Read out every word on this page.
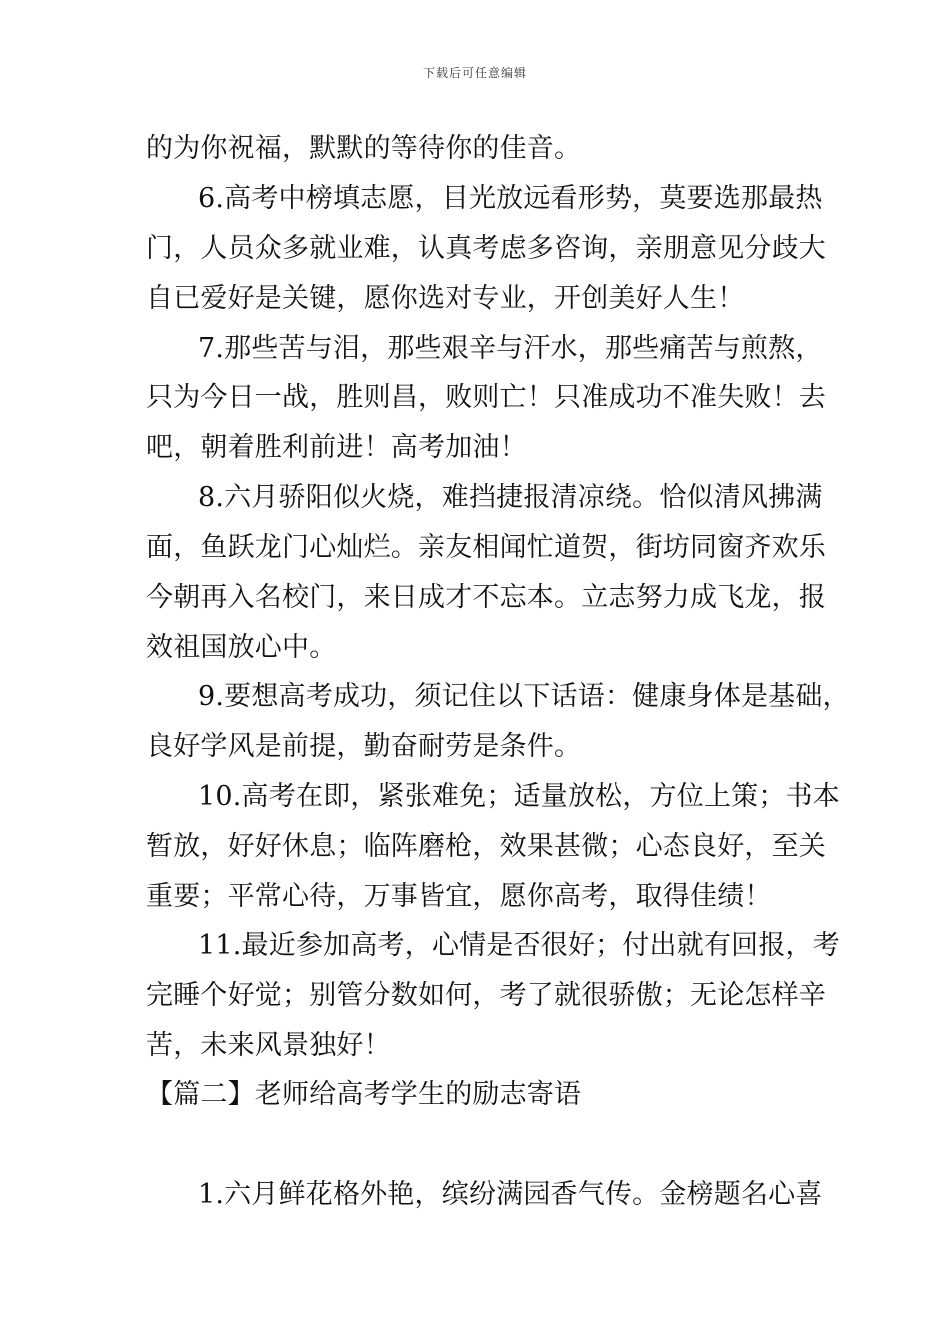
下载后可任意编辑
的为你祝福，默默的等待你的佳音。
6.高考中榜填志愿，目光放远看形势，莫要选那最热
门，人员众多就业难，认真考虑多咨询，亲朋意见分歧大
自已爱好是关键，愿你选对专业，开创美好人生！
7.那些苦与泪，那些艰辛与汗水，那些痛苦与煎熬，
只为今日一战，胜则昌，败则亡！只准成功不准失败！去
吧，朝着胜利前进！高考加油！
8.六月骄阳似火烧，难挡捷报清凉绕。恰似清风拂满
面，鱼跃龙门心灿烂。亲友相闻忙道贺，街坊同窗齐欢乐
今朝再入名校门，来日成才不忘本。立志努力成飞龙，报
效祖国放心中。
9.要想高考成功，须记住以下话语：健康身体是基础，
良好学风是前提，勤奋耐劳是条件。
10.高考在即，紧张难免；适量放松，方位上策；书本
暂放，好好休息；临阵磨枪，效果甚微；心态良好，至关
重要；平常心待，万事皆宜，愿你高考，取得佳绩！
11.最近参加高考，心情是否很好；付出就有回报，考
完睡个好觉；别管分数如何，考了就很骄傲；无论怎样辛
苦，未来风景独好！
【篇二】老师给高考学生的励志寄语
1.六月鲜花格外艳，缤纷满园香气传。金榜题名心喜
